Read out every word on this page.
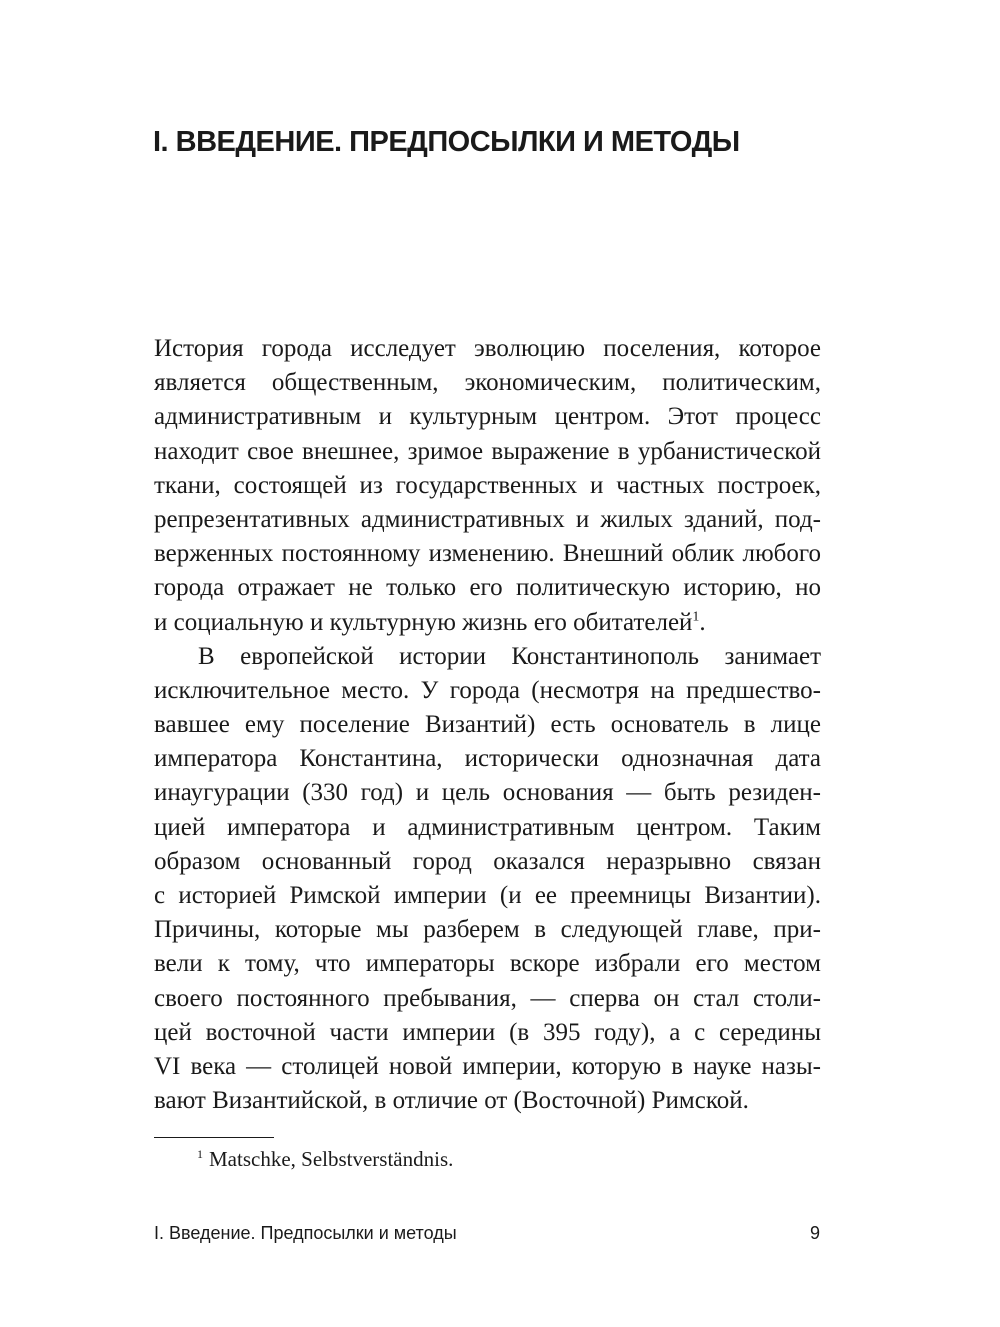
I. ВВЕДЕНИЕ. ПРЕДПОСЫЛКИ И МЕТОДЫ

История города исследует эволюцию поселения, которое
является общественным, экономическим, политическим,
административным и культурным центром. Этот процесс
находит свое внешнее, зримое выражение в урбанистической
ткани, состоящей из государственных и частных построек,
репрезентативных административных и жилых зданий, под-
верженных постоянному изменению. Внешний облик любого
города отражает не только его политическую историю, но
и социальную и культурную жизнь его обитателей$^1$.

В европейской истории Константинополь занимает
исключительное место. У города (несмотря на предшество-
вавшее ему поселение Византий) есть основатель в лице
императора Константина, исторически однозначная дата
инаугурации (330 год) и цель основания — быть резиден-
цией императора и административным центром. Таким
образом основанный город оказался неразрывно связан
с историей Римской империи (и ее преемницы Византии).
Причины, которые мы разберем в следующей главе, при-
вели к тому, что императоры вскоре избрали его местом
своего постоянного пребывания, — сперва он стал столи-
цей восточной части империи (в 395 году), а с середины
VI века — столицей новой империи, которую в науке назы-
вают Византийской, в отличие от (Восточной) Римской.

$^1$ Matschke, Selbstverständnis.
I. Введение. Предпосылки и методы	9
